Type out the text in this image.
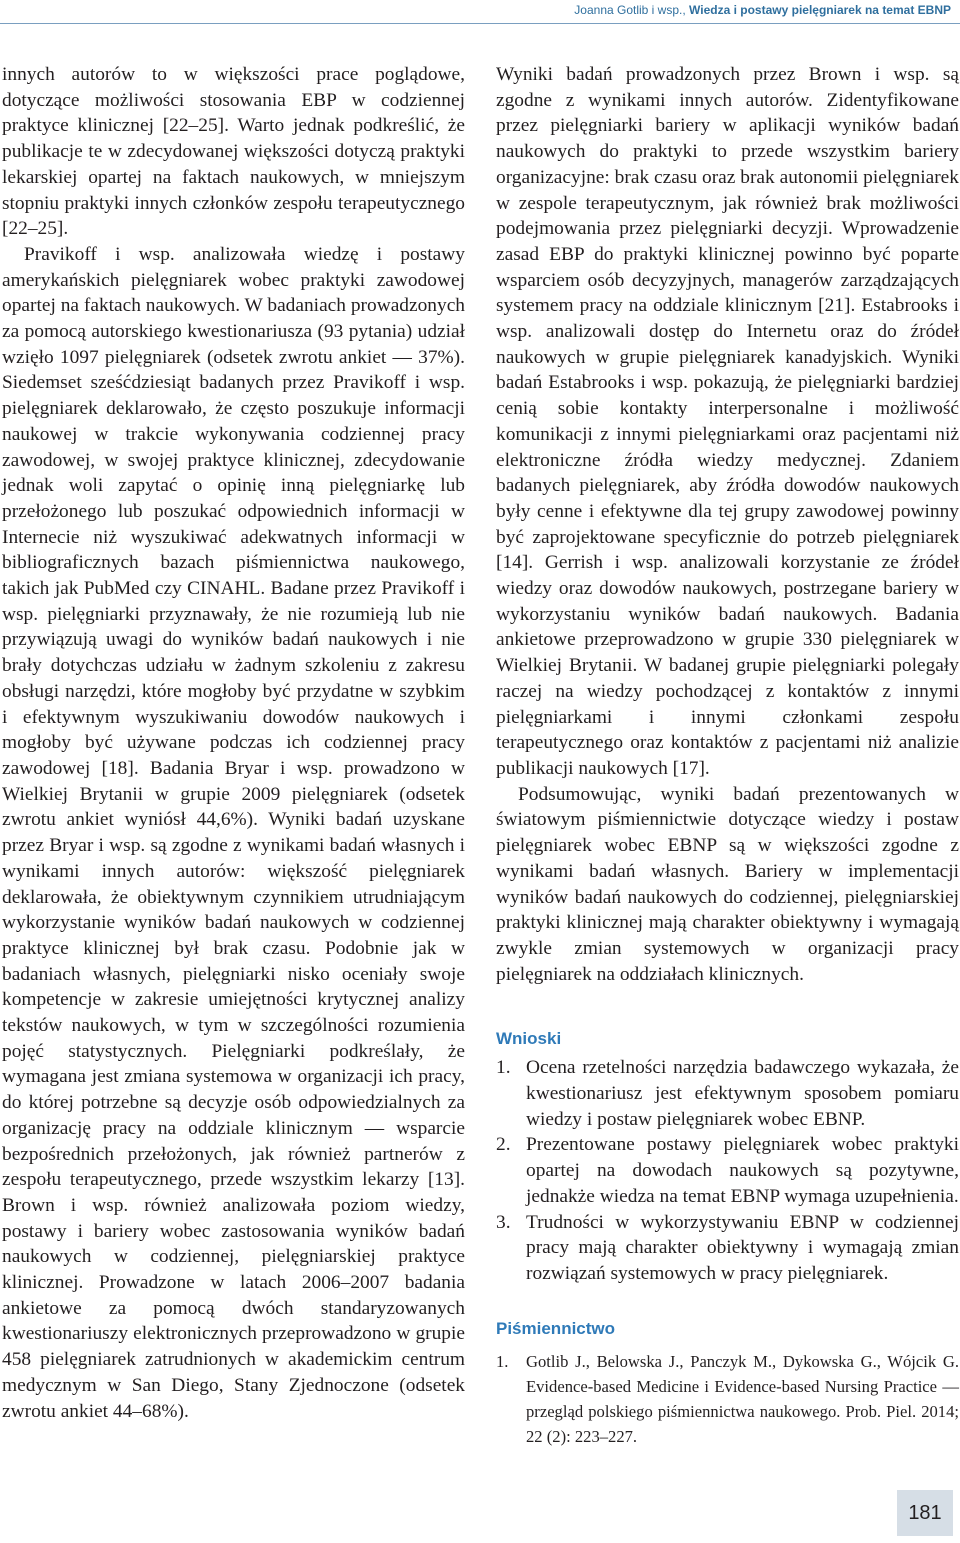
Joanna Gotlib i wsp., Wiedza i postawy pielęgniarek na temat EBNP

innych autorów to w większości prace poglądowe, dotyczące możliwości stosowania EBP w codziennej praktyce klinicznej [22–25]. Warto jednak podkreślić, że publikacje te w zdecydowanej większości dotyczą praktyki lekarskiej opartej na faktach naukowych, w mniejszym stopniu praktyki innych członków zespołu terapeutycznego [22–25].

Pravikoff i wsp. analizowała wiedzę i postawy amerykańskich pielęgniarek wobec praktyki zawodowej opartej na faktach naukowych. W badaniach prowadzonych za pomocą autorskiego kwestionariusza (93 pytania) udział wzięło 1097 pielęgniarek (odsetek zwrotu ankiet — 37%). Siedemset sześćdziesiąt badanych przez Pravikoff i wsp. pielęgniarek deklarowało, że często poszukuje informacji naukowej w trakcie wykonywania codziennej pracy zawodowej, w swojej praktyce klinicznej, zdecydowanie jednak woli zapytać o opinię inną pielęgniarkę lub przełożonego lub poszukać odpowiednich informacji w Internecie niż wyszukiwać adekwatnych informacji w bibliograficznych bazach piśmiennictwa naukowego, takich jak PubMed czy CINAHL. Badane przez Pravikoff i wsp. pielęgniarki przyznawały, że nie rozumieją lub nie przywiązują uwagi do wyników badań naukowych i nie brały dotychczas udziału w żadnym szkoleniu z zakresu obsługi narzędzi, które mogłoby być przydatne w szybkim i efektywnym wyszukiwaniu dowodów naukowych i mogłoby być używane podczas ich codziennej pracy zawodowej [18]. Badania Bryar i wsp. prowadzono w Wielkiej Brytanii w grupie 2009 pielęgniarek (odsetek zwrotu ankiet wyniósł 44,6%). Wyniki badań uzyskane przez Bryar i wsp. są zgodne z wynikami badań własnych i wynikami innych autorów: większość pielęgniarek deklarowała, że obiektywnym czynnikiem utrudniającym wykorzystanie wyników badań naukowych w codziennej praktyce klinicznej był brak czasu. Podobnie jak w badaniach własnych, pielęgniarki nisko oceniały swoje kompetencje w zakresie umiejętności krytycznej analizy tekstów naukowych, w tym w szczególności rozumienia pojęć statystycznych. Pielęgniarki podkreślały, że wymagana jest zmiana systemowa w organizacji ich pracy, do której potrzebne są decyzje osób odpowiedzialnych za organizację pracy na oddziale klinicznym — wsparcie bezpośrednich przełożonych, jak również partnerów z zespołu terapeutycznego, przede wszystkim lekarzy [13]. Brown i wsp. również analizowała poziom wiedzy, postawy i bariery wobec zastosowania wyników badań naukowych w codziennej, pielęgniarskiej praktyce klinicznej. Prowadzone w latach 2006–2007 badania ankietowe za pomocą dwóch standaryzowanych kwestionariuszy elektronicznych przeprowadzono w grupie 458 pielęgniarek zatrudnionych w akademickim centrum medycznym w San Diego, Stany Zjednoczone (odsetek zwrotu ankiet 44–68%).

Wyniki badań prowadzonych przez Brown i wsp. są zgodne z wynikami innych autorów. Zidentyfikowane przez pielęgniarki bariery w aplikacji wyników badań naukowych do praktyki to przede wszystkim bariery organizacyjne: brak czasu oraz brak autonomii pielęgniarek w zespole terapeutycznym, jak również brak możliwości podejmowania przez pielęgniarki decyzji. Wprowadzenie zasad EBP do praktyki klinicznej powinno być poparte wsparciem osób decyzyjnych, managerów zarządzających systemem pracy na oddziale klinicznym [21]. Estabrooks i wsp. analizowali dostęp do Internetu oraz do źródeł naukowych w grupie pielęgniarek kanadyjskich. Wyniki badań Estabrooks i wsp. pokazują, że pielęgniarki bardziej cenią sobie kontakty interpersonalne i możliwość komunikacji z innymi pielęgniarkami oraz pacjentami niż elektroniczne źródła wiedzy medycznej. Zdaniem badanych pielęgniarek, aby źródła dowodów naukowych były cenne i efektywne dla tej grupy zawodowej powinny być zaprojektowane specyficznie do potrzeb pielęgniarek [14]. Gerrish i wsp. analizowali korzystanie ze źródeł wiedzy oraz dowodów naukowych, postrzegane bariery w wykorzystaniu wyników badań naukowych. Badania ankietowe przeprowadzono w grupie 330 pielęgniarek w Wielkiej Brytanii. W badanej grupie pielęgniarki polegały raczej na wiedzy pochodzącej z kontaktów z innymi pielęgniarkami i innymi członkami zespołu terapeutycznego oraz kontaktów z pacjentami niż analizie publikacji naukowych [17].

Podsumowując, wyniki badań prezentowanych w światowym piśmiennictwie dotyczące wiedzy i postaw pielęgniarek wobec EBNP są w większości zgodne z wynikami badań własnych. Bariery w implementacji wyników badań naukowych do codziennej, pielęgniarskiej praktyki klinicznej mają charakter obiektywny i wymagają zwykle zmian systemowych w organizacji pracy pielęgniarek na oddziałach klinicznych.

Wnioski
1. Ocena rzetelności narzędzia badawczego wykazała, że kwestionariusz jest efektywnym sposobem pomiaru wiedzy i postaw pielęgniarek wobec EBNP.
2. Prezentowane postawy pielęgniarek wobec praktyki opartej na dowodach naukowych są pozytywne, jednakże wiedza na temat EBNP wymaga uzupełnienia.
3. Trudności w wykorzystywaniu EBNP w codziennej pracy mają charakter obiektywny i wymagają zmian rozwiązań systemowych w pracy pielęgniarek.
Piśmiennictwo
1. Gotlib J., Belowska J., Panczyk M., Dykowska G., Wójcik G. Evidence-based Medicine i Evidence-based Nursing Practice — przegląd polskiego piśmiennictwa naukowego. Prob. Piel. 2014; 22 (2): 223–227.
181
